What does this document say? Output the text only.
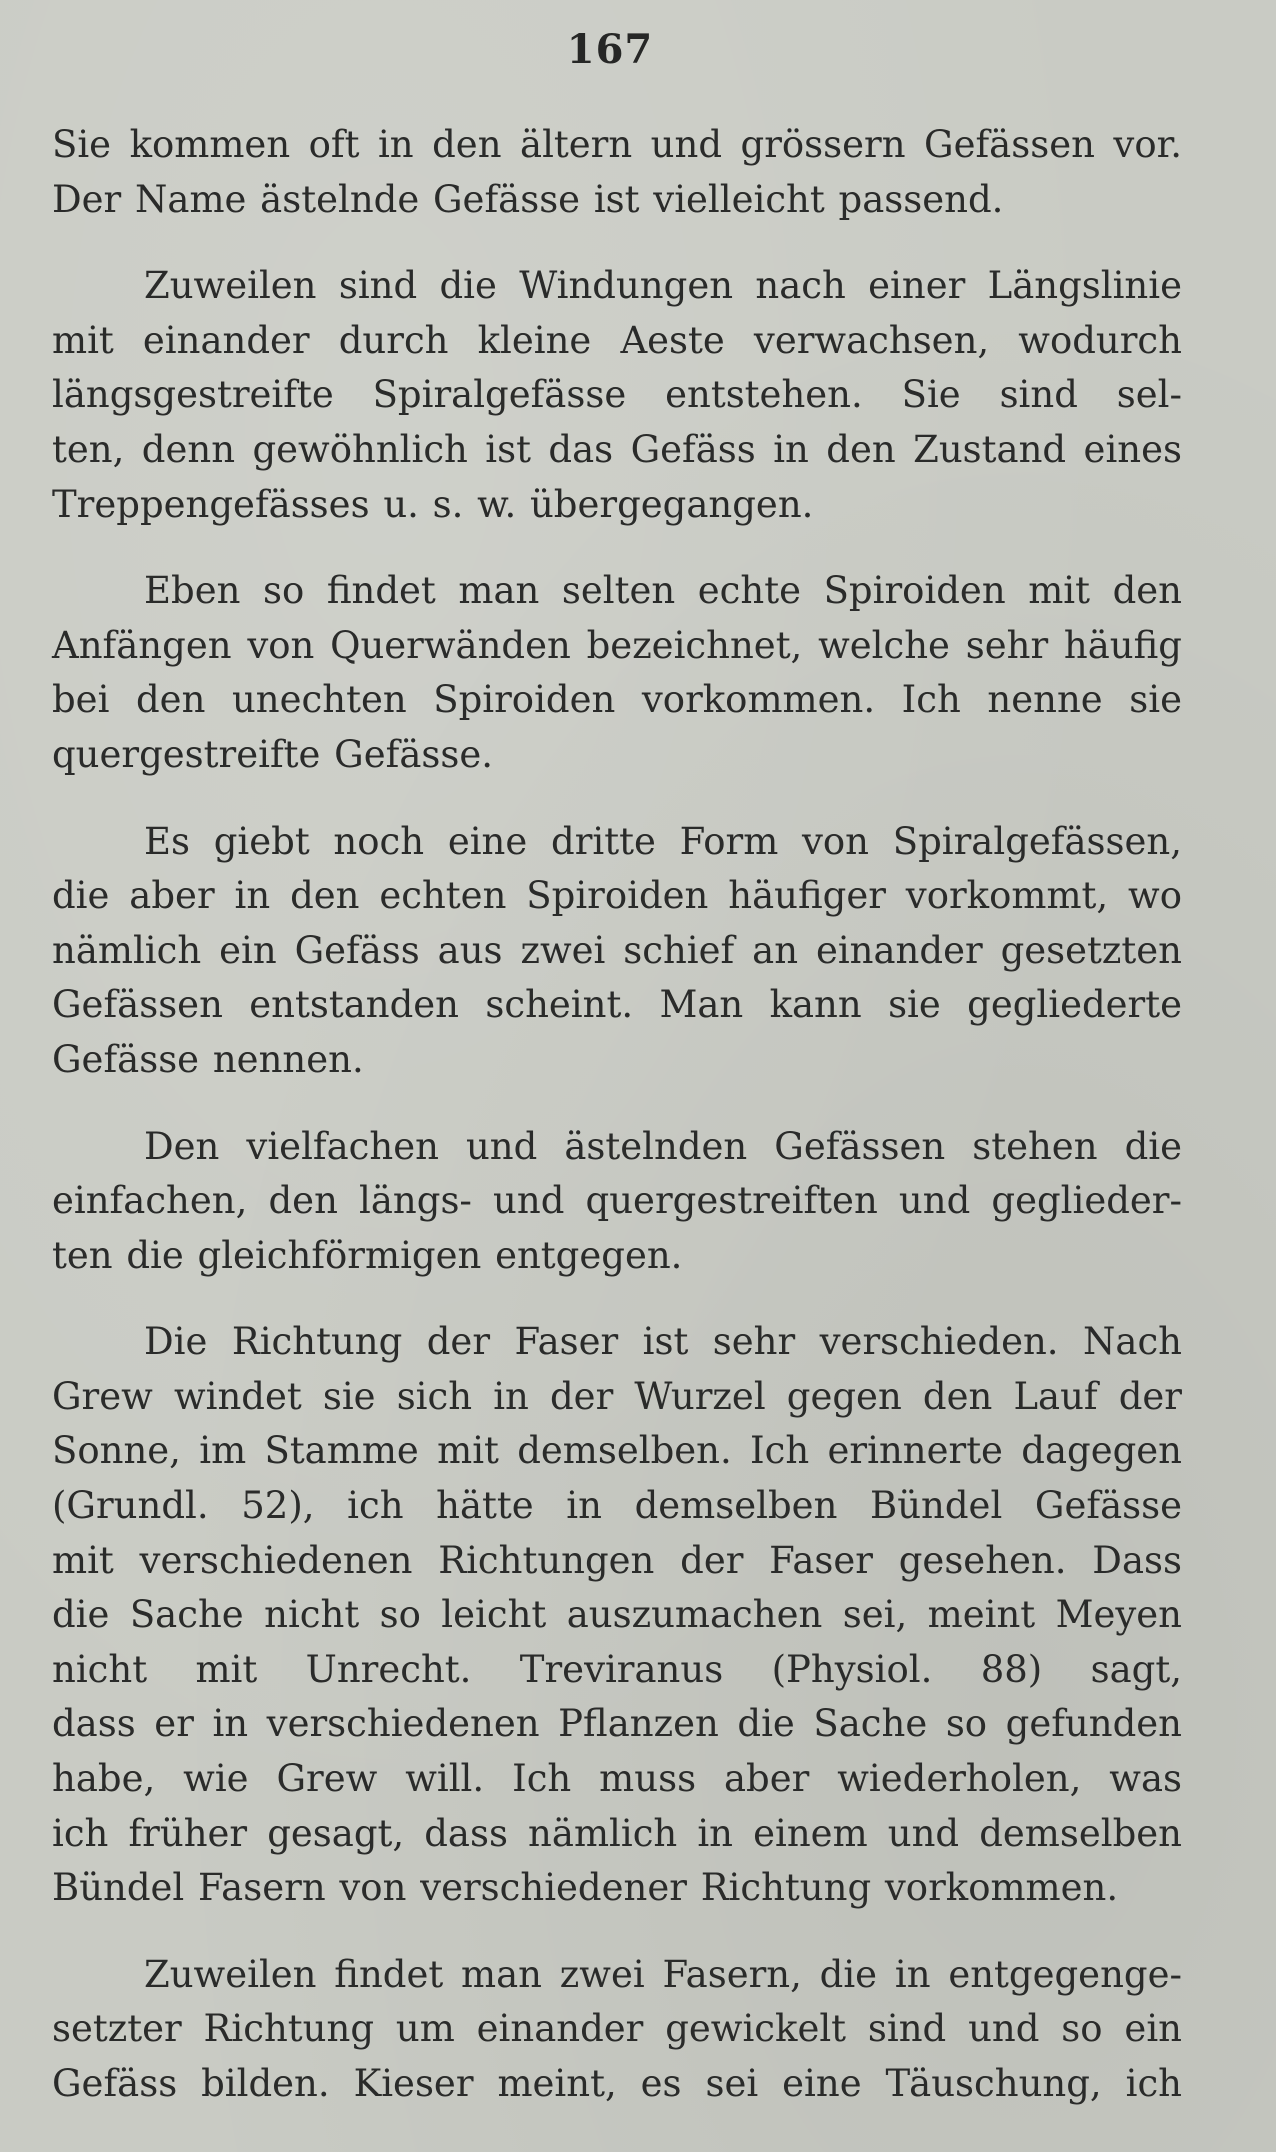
167
Sie kommen oft in den ältern und grössern Gefässen vor.
Der Name ästelnde Gefässe ist vielleicht passend.
Zuweilen sind die Windungen nach einer Längslinie
mit einander durch kleine Aeste verwachsen, wodurch
längsgestreifte Spiralgefässe entstehen. Sie sind sel-
ten, denn gewöhnlich ist das Gefäss in den Zustand eines
Treppengefässes u. s. w. übergegangen.
Eben so findet man selten echte Spiroiden mit den
Anfängen von Querwänden bezeichnet, welche sehr häufig
bei den unechten Spiroiden vorkommen. Ich nenne sie
quergestreifte Gefässe.
Es giebt noch eine dritte Form von Spiralgefässen,
die aber in den echten Spiroiden häufiger vorkommt, wo
nämlich ein Gefäss aus zwei schief an einander gesetzten
Gefässen entstanden scheint. Man kann sie gegliederte
Gefässe nennen.
Den vielfachen und ästelnden Gefässen stehen die
einfachen, den längs- und quergestreiften und geglieder-
ten die gleichförmigen entgegen.
Die Richtung der Faser ist sehr verschieden. Nach
Grew windet sie sich in der Wurzel gegen den Lauf der
Sonne, im Stamme mit demselben. Ich erinnerte dagegen
(Grundl. 52), ich hätte in demselben Bündel Gefässe
mit verschiedenen Richtungen der Faser gesehen. Dass
die Sache nicht so leicht auszumachen sei, meint Meyen
nicht mit Unrecht. Treviranus (Physiol. 88) sagt,
dass er in verschiedenen Pflanzen die Sache so gefunden
habe, wie Grew will. Ich muss aber wiederholen, was
ich früher gesagt, dass nämlich in einem und demselben
Bündel Fasern von verschiedener Richtung vorkommen.
Zuweilen findet man zwei Fasern, die in entgegenge-
setzter Richtung um einander gewickelt sind und so ein
Gefäss bilden. Kieser meint, es sei eine Täuschung, ich
